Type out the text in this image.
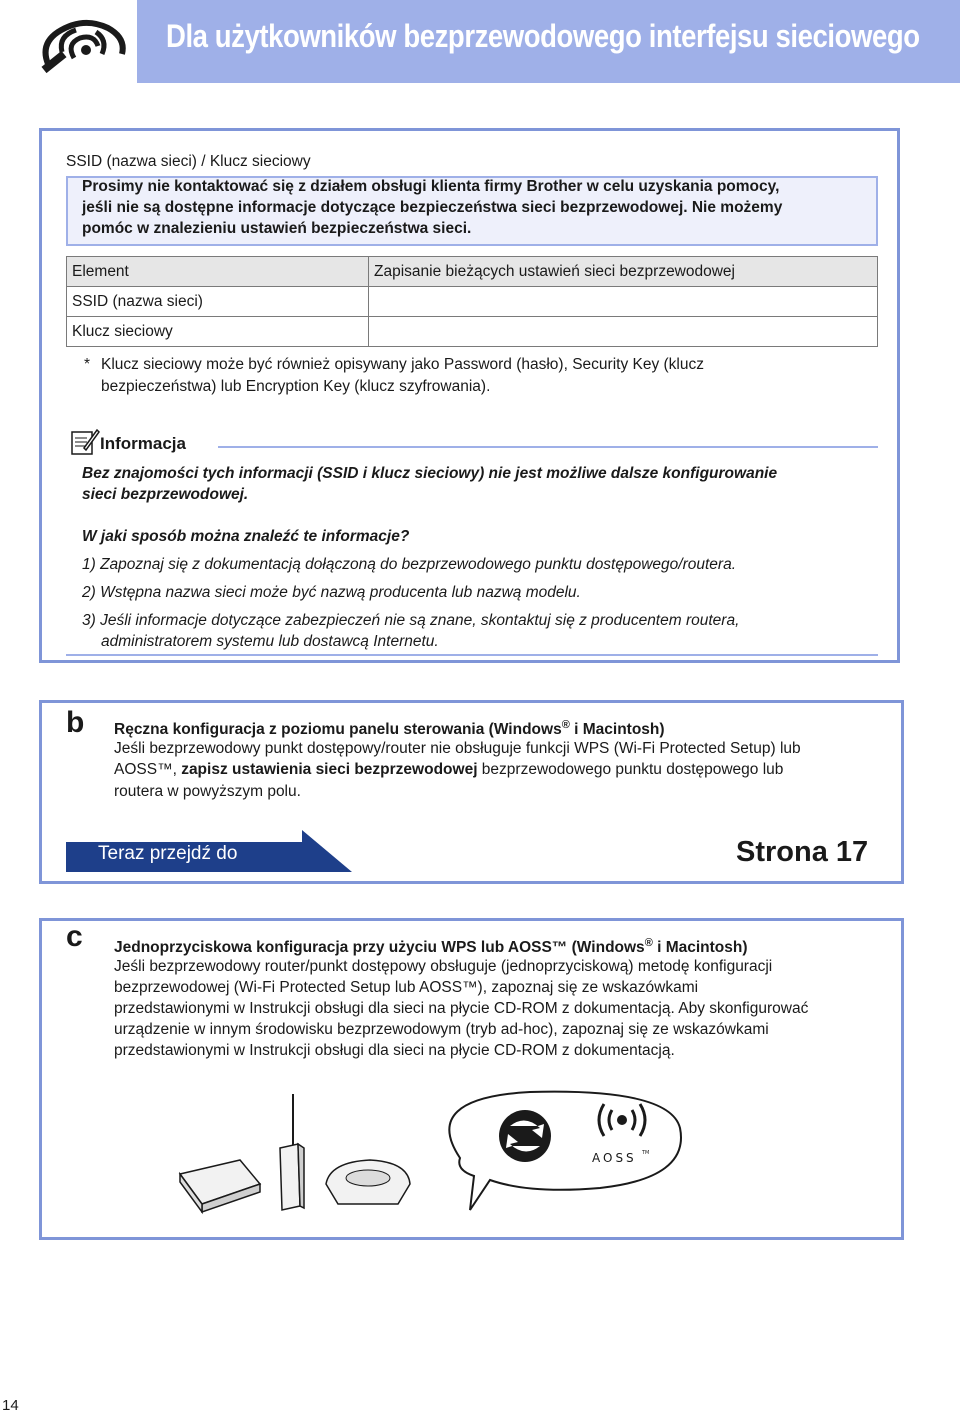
Dla użytkowników bezprzewodowego interfejsu sieciowego
SSID (nazwa sieci) / Klucz sieciowy
Prosimy nie kontaktować się z działem obsługi klienta firmy Brother w celu uzyskania pomocy,
jeśli nie są dostępne informacje dotyczące bezpieczeństwa sieci bezprzewodowej. Nie możemy
pomóc w znalezieniu ustawień bezpieczeństwa sieci.
Element	Zapisanie bieżących ustawień sieci bezprzewodowej
SSID (nazwa sieci)	
Klucz sieciowy	
* Klucz sieciowy może być również opisywany jako Password (hasło), Security Key (klucz
bezpieczeństwa) lub Encryption Key (klucz szyfrowania).
Informacja
Bez znajomości tych informacji (SSID i klucz sieciowy) nie jest możliwe dalsze konfigurowanie
sieci bezprzewodowej.
W jaki sposób można znaleźć te informacje?
1) Zapoznaj się z dokumentacją dołączoną do bezprzewodowego punktu dostępowego/routera.
2) Wstępna nazwa sieci może być nazwą producenta lub nazwą modelu.
3) Jeśli informacje dotyczące zabezpieczeń nie są znane, skontaktuj się z producentem routera,
administratorem systemu lub dostawcą Internetu.
b Ręczna konfiguracja z poziomu panelu sterowania (Windows® i Macintosh)
Jeśli bezprzewodowy punkt dostępowy/router nie obsługuje funkcji WPS (Wi-Fi Protected Setup) lub
AOSS™, zapisz ustawienia sieci bezprzewodowej bezprzewodowego punktu dostępowego lub
routera w powyższym polu.
Teraz przejdź do	Strona 17
c Jednoprzyciskowa konfiguracja przy użyciu WPS lub AOSS™ (Windows® i Macintosh)
Jeśli bezprzewodowy router/punkt dostępowy obsługuje (jednoprzyciskową) metodę konfiguracji
bezprzewodowej (Wi-Fi Protected Setup lub AOSS™), zapoznaj się ze wskazówkami
przedstawionymi w Instrukcji obsługi dla sieci na płycie CD-ROM z dokumentacją. Aby skonfigurować
urządzenie w innym środowisku bezprzewodowym (tryb ad-hoc), zapoznaj się ze wskazówkami
przedstawionymi w Instrukcji obsługi dla sieci na płycie CD-ROM z dokumentacją.
AOSS TM
14
